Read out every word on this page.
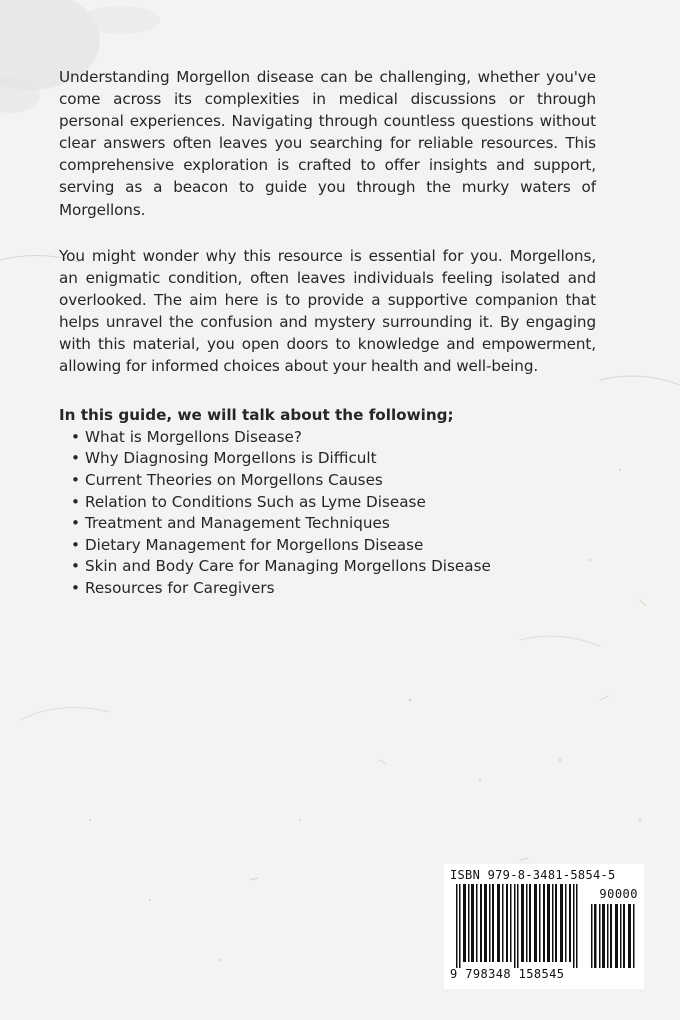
Understanding Morgellon disease can be challenging, whether you've come across its complexities in medical discussions or through personal experiences. Navigating through countless questions without clear answers often leaves you searching for reliable resources. This comprehensive exploration is crafted to offer insights and support, serving as a beacon to guide you through the murky waters of Morgellons.

You might wonder why this resource is essential for you. Morgellons, an enigmatic condition, often leaves individuals feeling isolated and overlooked. The aim here is to provide a supportive companion that helps unravel the confusion and mystery surrounding it. By engaging with this material, you open doors to knowledge and empowerment, allowing for informed choices about your health and well-being.

In this guide, we will talk about the following;
• What is Morgellons Disease?
• Why Diagnosing Morgellons is Difficult
• Current Theories on Morgellons Causes
• Relation to Conditions Such as Lyme Disease
• Treatment and Management Techniques
• Dietary Management for Morgellons Disease
• Skin and Body Care for Managing Morgellons Disease
• Resources for Caregivers
ISBN 979-8-3481-5854-5
90000
9 798348 158545
